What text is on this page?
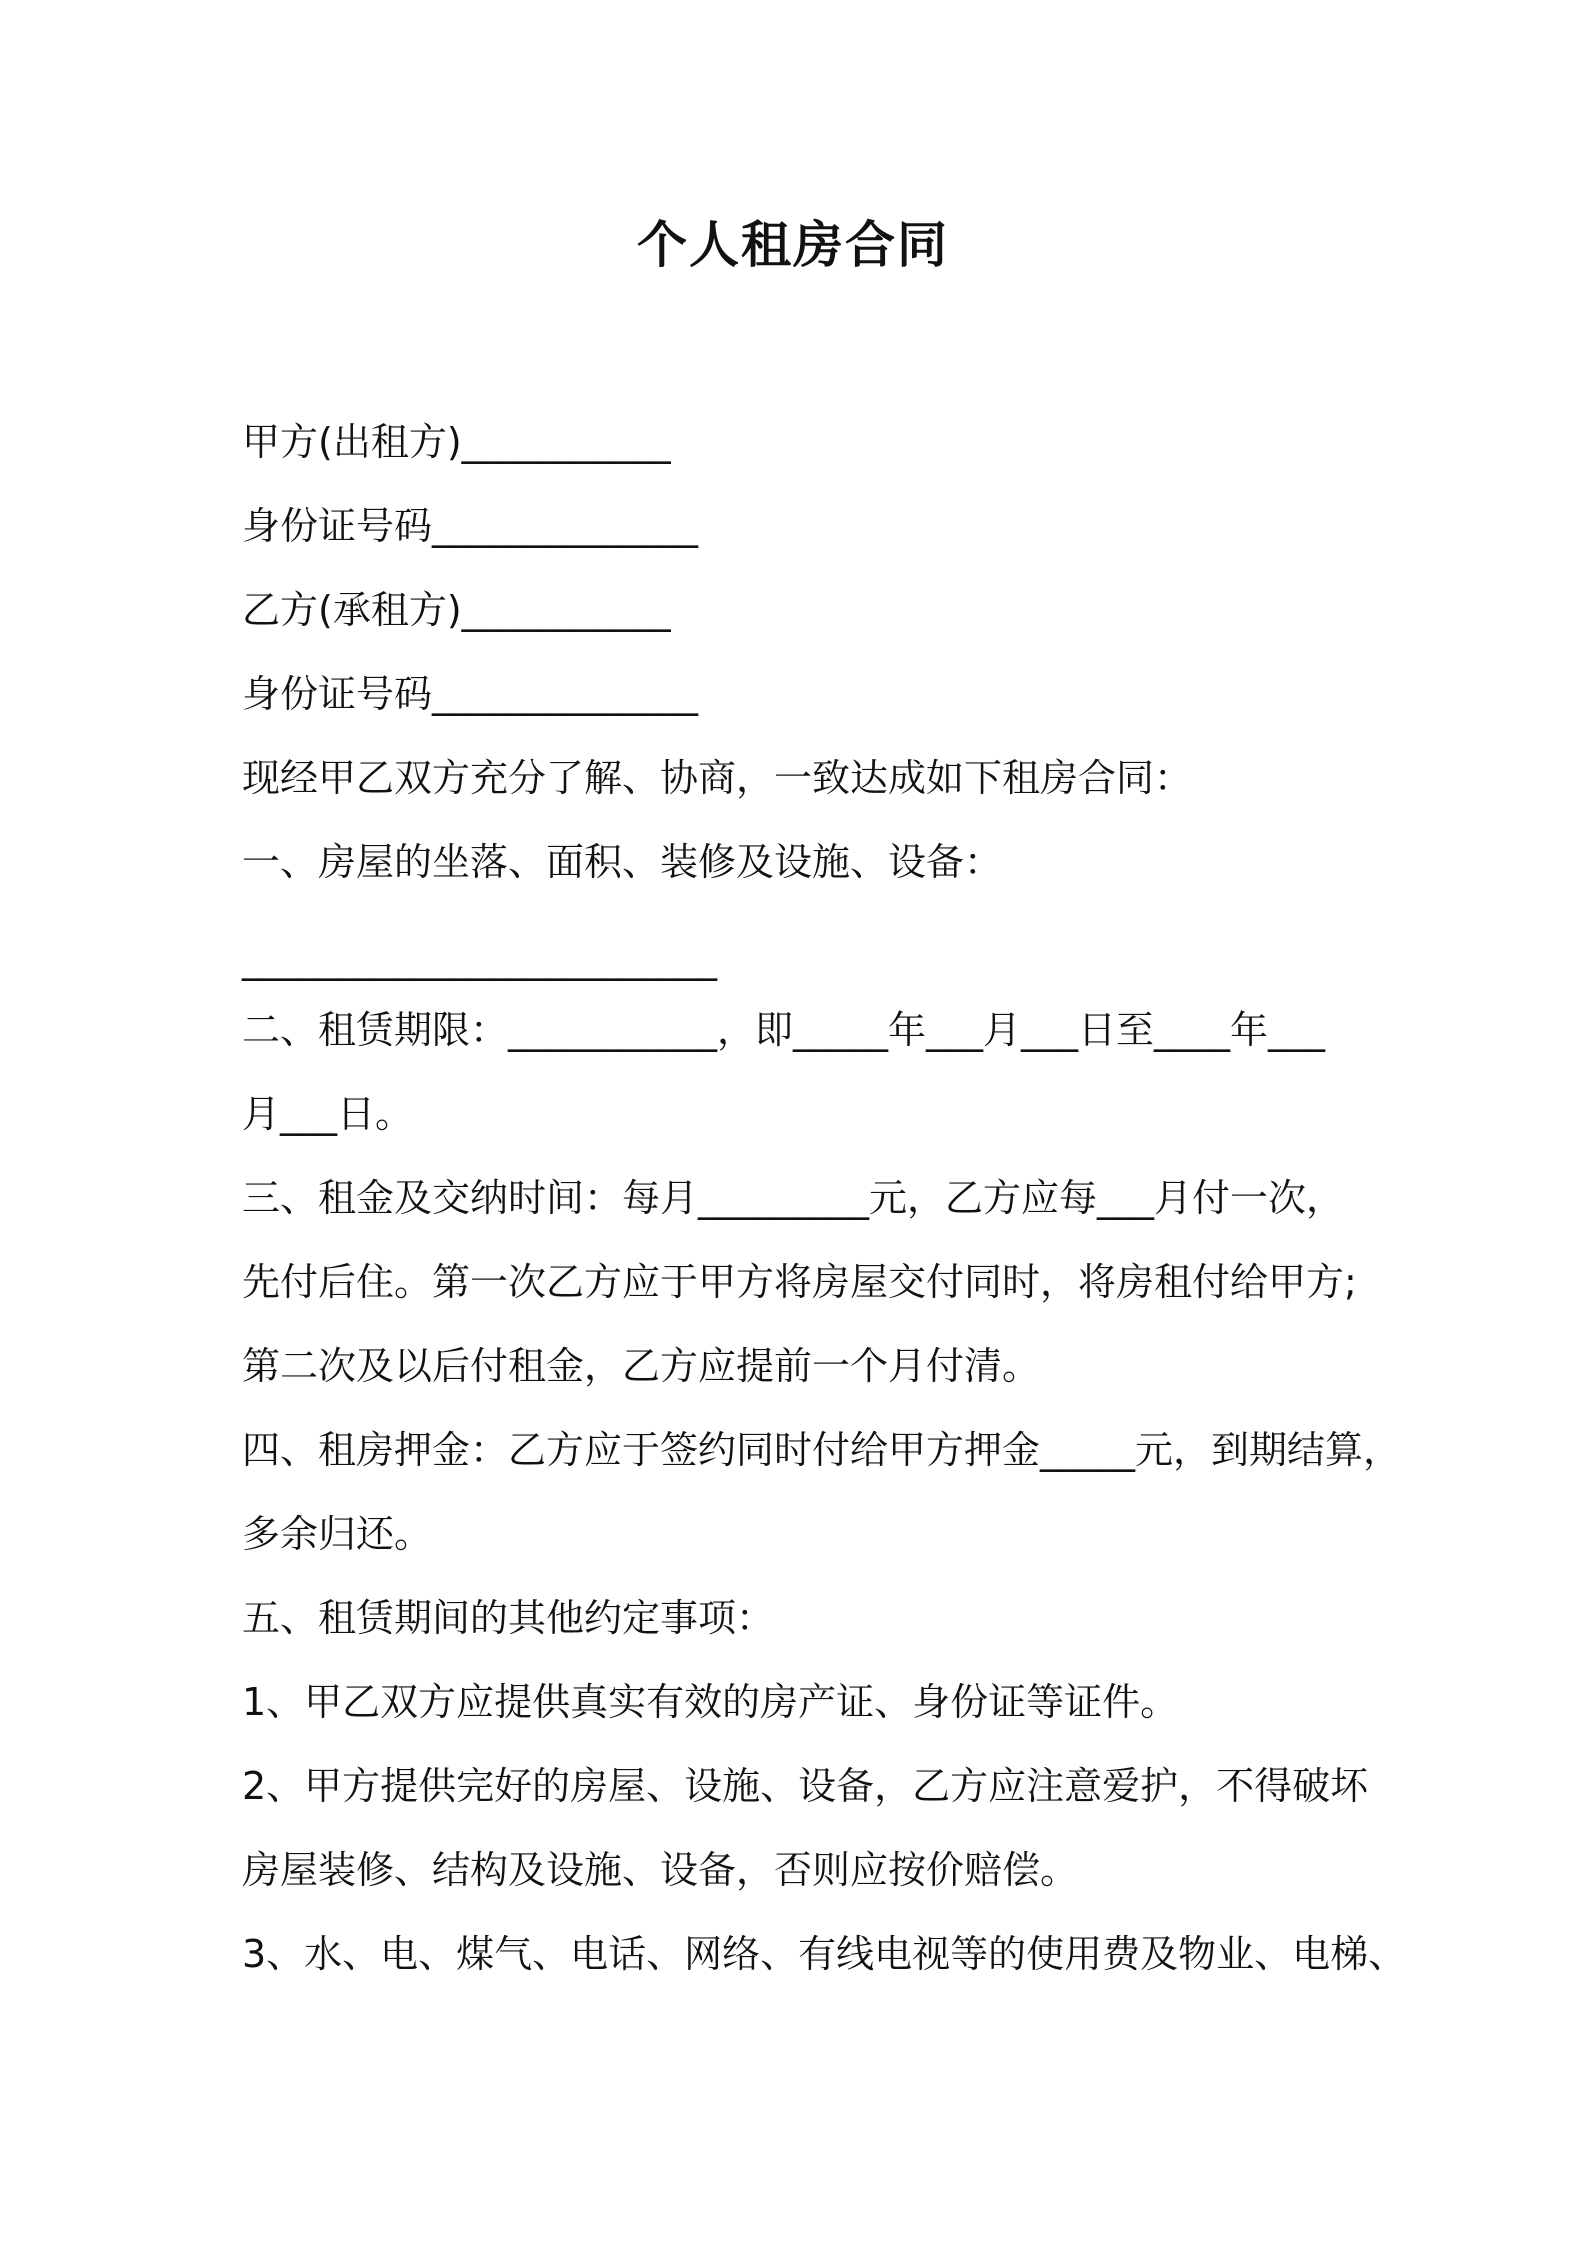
个人租房合同
甲方(出租方)___________
身份证号码______________
乙方(承租方)___________
身份证号码______________
现经甲乙双方充分了解、协商，一致达成如下租房合同：
一、房屋的坐落、面积、装修及设施、设备：
_________________________
二、租赁期限：___________，即_____年___月___日至____年___
月___日。
三、租金及交纳时间：每月_________元，乙方应每___月付一次，
先付后住。第一次乙方应于甲方将房屋交付同时，将房租付给甲方;
第二次及以后付租金，乙方应提前一个月付清。
四、租房押金：乙方应于签约同时付给甲方押金_____元，到期结算，
多余归还。
五、租赁期间的其他约定事项：
1、甲乙双方应提供真实有效的房产证、身份证等证件。
2、甲方提供完好的房屋、设施、设备，乙方应注意爱护，不得破坏
房屋装修、结构及设施、设备，否则应按价赔偿。
3、水、电、煤气、电话、网络、有线电视等的使用费及物业、电梯、
